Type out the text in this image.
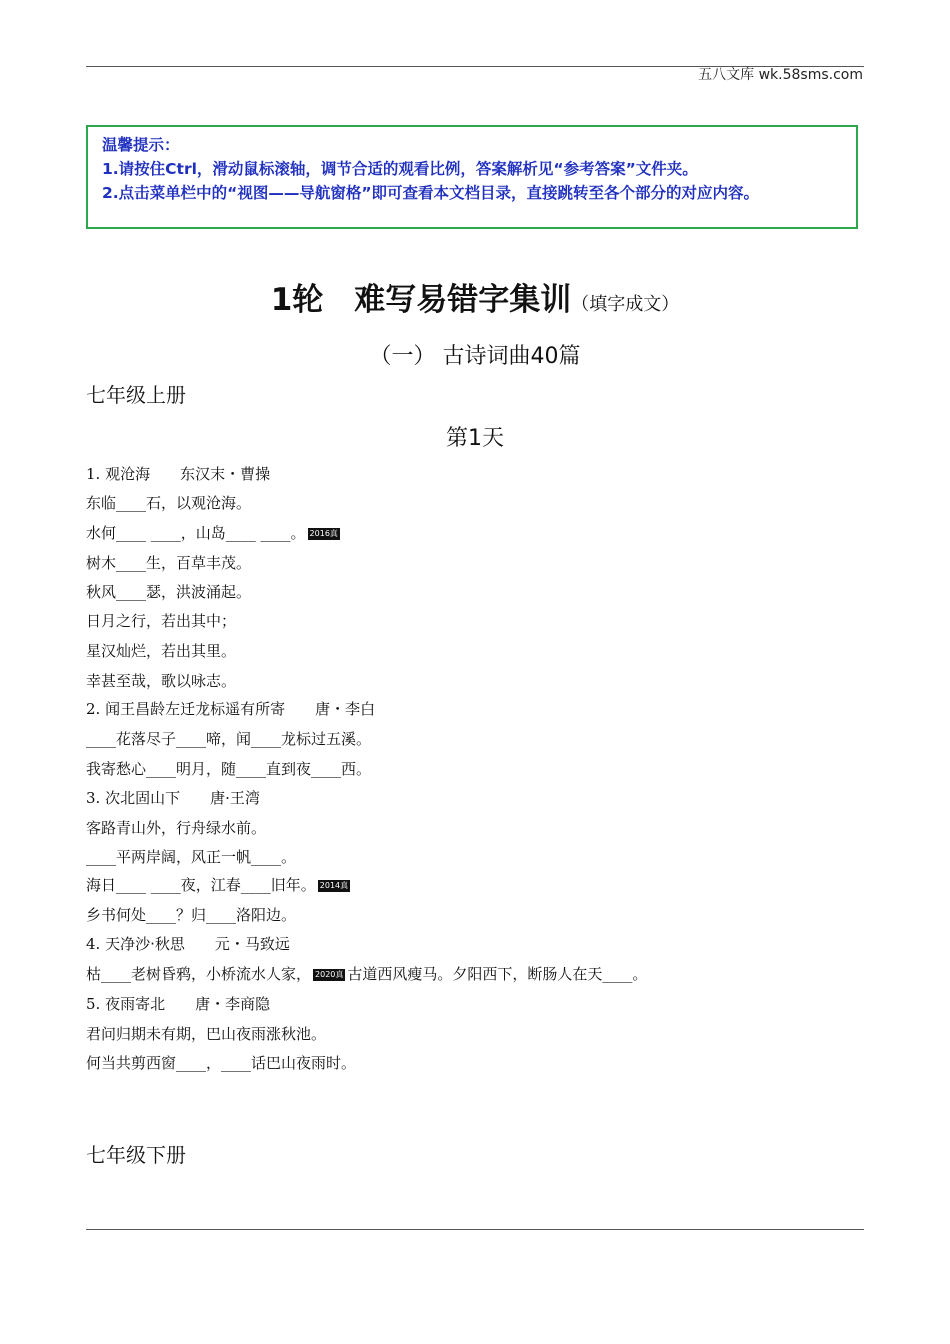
五八文库 wk.58sms.com
温馨提示：
1.请按住Ctrl，滑动鼠标滚轴，调节合适的观看比例，答案解析见“参考答案”文件夹。
2.点击菜单栏中的“视图——导航窗格”即可查看本文档目录，直接跳转至各个部分的对应内容。
1轮　难写易错字集训（填字成文）
（一） 古诗词曲40篇
七年级上册
第1天
1. 观沧海 东汉末・曹操
东临____石，以观沧海。
水何____ ____，山岛____ ____。 2016真
树木____生，百草丰茂。
秋风____瑟，洪波涌起。
日月之行，若出其中；
星汉灿烂，若出其里。
幸甚至哉，歌以咏志。
2. 闻王昌龄左迁龙标遥有所寄 唐・李白
____花落尽子____啼，闻____龙标过五溪。
我寄愁心____明月，随____直到夜____西。
3. 次北固山下 唐·王湾
客路青山外，行舟绿水前。
____平两岸阔，风正一帆____。
海日____ ____夜，江春____旧年。 2014真
乡书何处____？归____洛阳边。
4. 天净沙·秋思 元・马致远
枯____老树昏鸦，小桥流水人家， 2020真 古道西风瘦马。夕阳西下，断肠人在天____。
5. 夜雨寄北 唐・李商隐
君问归期未有期，巴山夜雨涨秋池。
何当共剪西窗____，____话巴山夜雨时。
七年级下册
